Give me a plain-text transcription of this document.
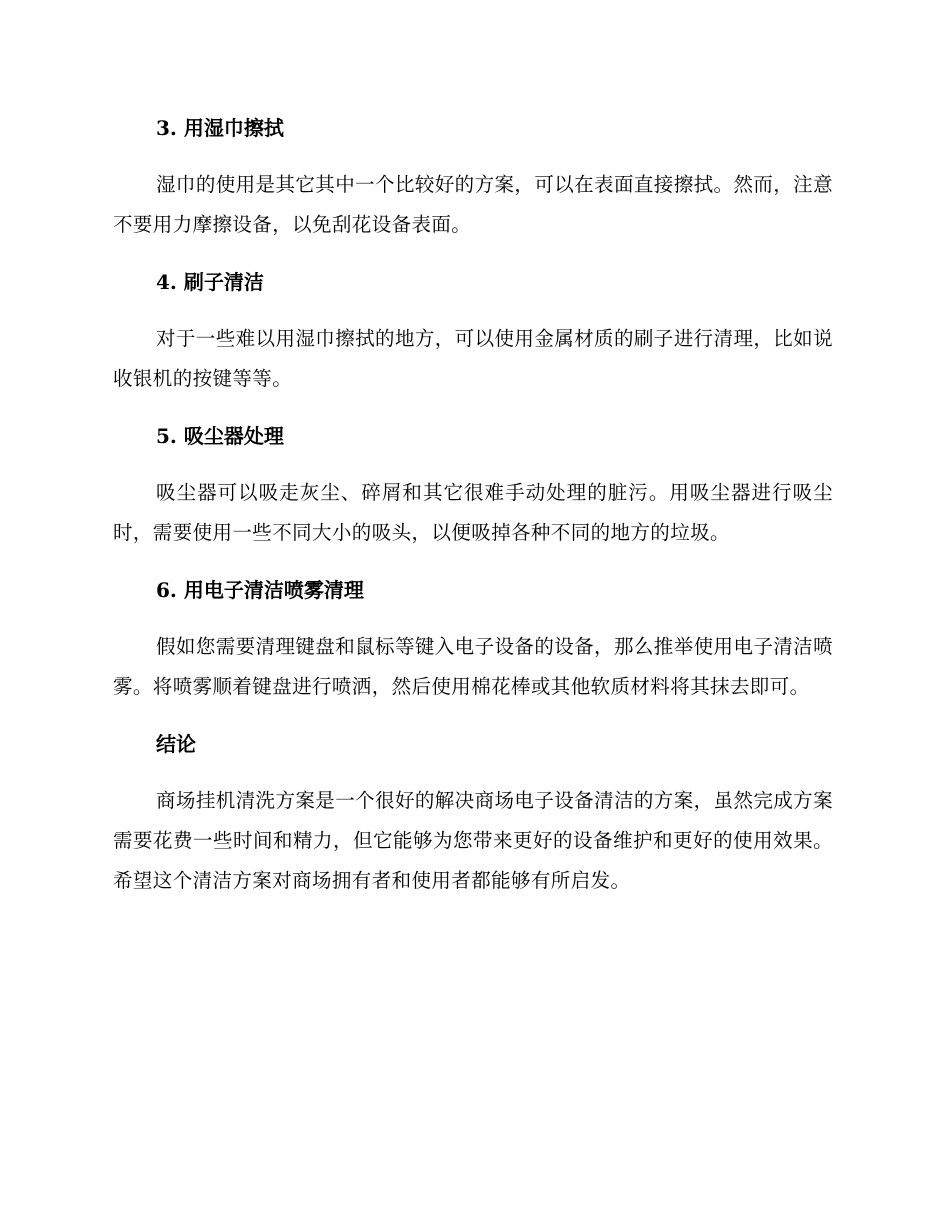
3. 用湿巾擦拭

湿巾的使用是其它其中一个比较好的方案，可以在表面直接擦拭。然而，注意不要用力摩擦设备，以免刮花设备表面。

4. 刷子清洁

对于一些难以用湿巾擦拭的地方，可以使用金属材质的刷子进行清理，比如说收银机的按键等等。

5. 吸尘器处理

吸尘器可以吸走灰尘、碎屑和其它很难手动处理的脏污。用吸尘器进行吸尘时，需要使用一些不同大小的吸头，以便吸掉各种不同的地方的垃圾。

6. 用电子清洁喷雾清理

假如您需要清理键盘和鼠标等键入电子设备的设备，那么推举使用电子清洁喷雾。将喷雾顺着键盘进行喷洒，然后使用棉花棒或其他软质材料将其抹去即可。

结论

商场挂机清洗方案是一个很好的解决商场电子设备清洁的方案，虽然完成方案需要花费一些时间和精力，但它能够为您带来更好的设备维护和更好的使用效果。希望这个清洁方案对商场拥有者和使用者都能够有所启发。
